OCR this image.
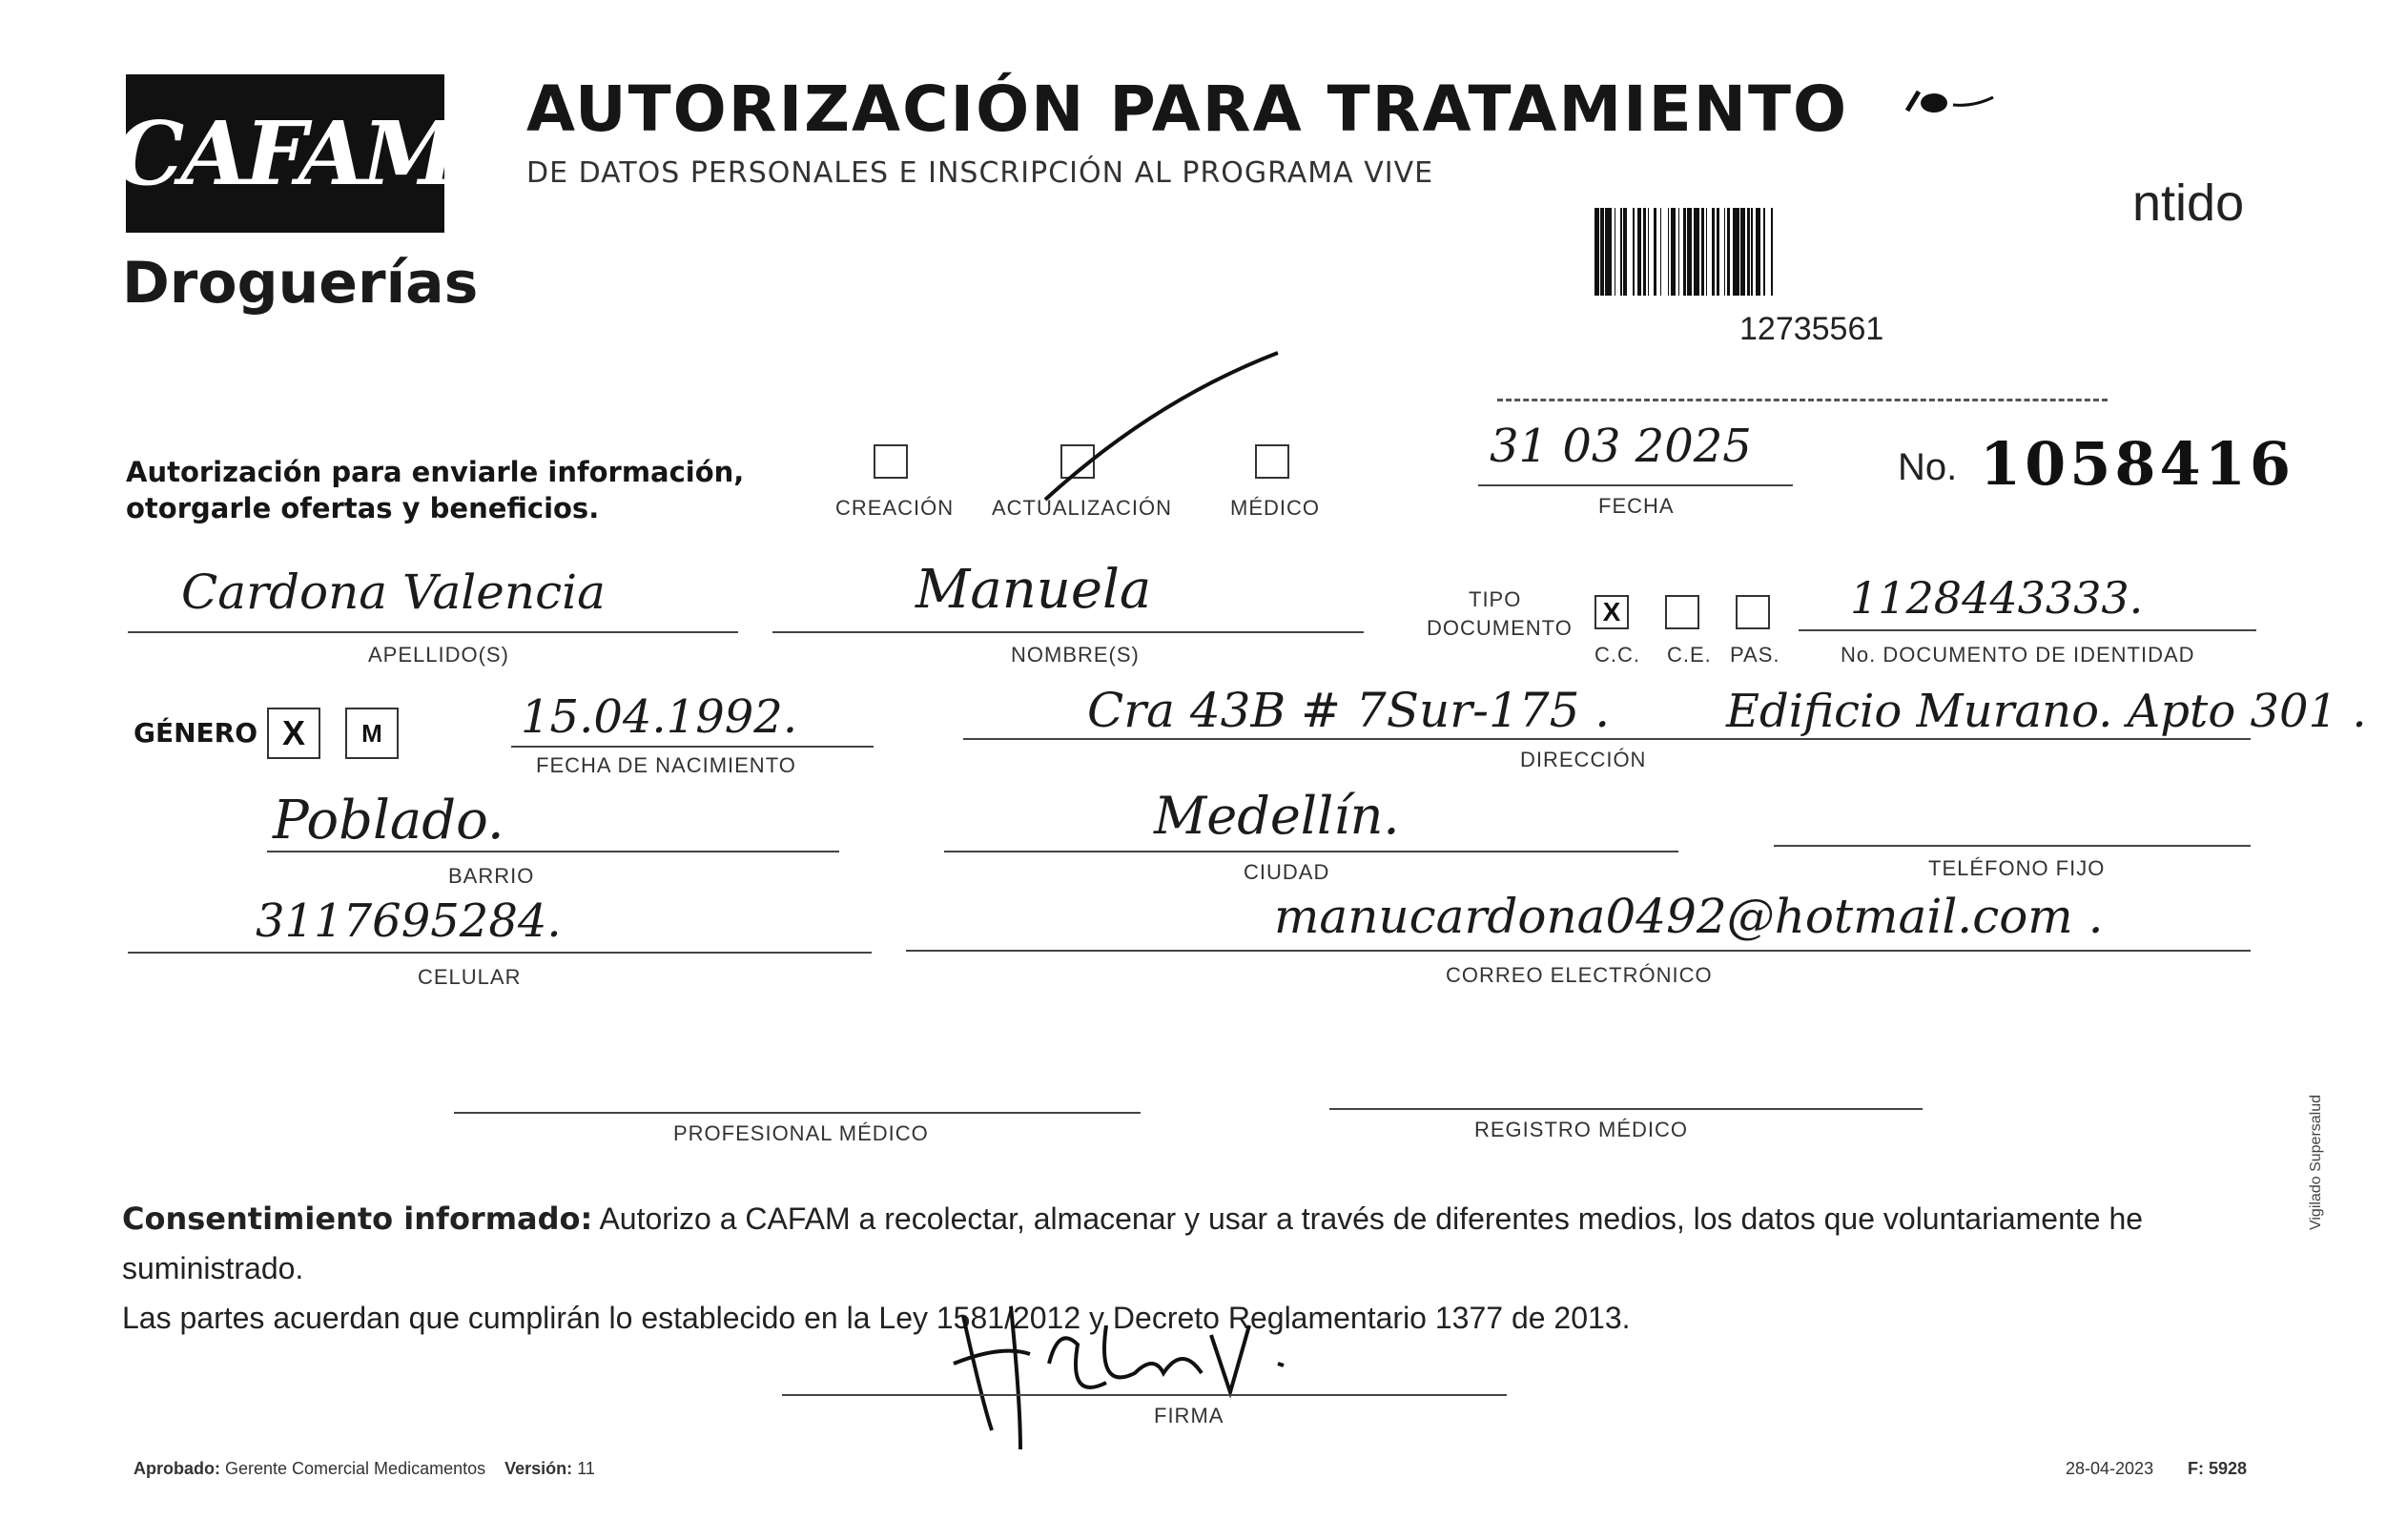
CAFAM
Droguerías
AUTORIZACIÓN PARA TRATAMIENTO
DE DATOS PERSONALES E INSCRIPCIÓN AL PROGRAMA VIVE
ntido
12735561
Autorización para enviarle información,
otorgarle ofertas y beneficios.	CREACIÓN ACTUALIZACIÓN	MÉDICO
31 03 2025
FECHA
No. 1058416
Cardona Valencia
APELLIDO(S)
Manuela
NOMBRE(S)
TIPO
DOCUMENTO
X
C.C. C.E. PAS.
1128443333.
No. DOCUMENTO DE IDENTIDAD
GÉNERO X	M	15.04.1992.
FECHA DE NACIMIENTO
Cra 43B # 7Sur-175 .	Edificio Murano. Apto 301 .
DIRECCIÓN
Poblado.
BARRIO
Medellín.
CIUDAD	TELÉFONO FIJO
3117695284.
CELULAR
manucardona0492@hotmail.com .
CORREO ELECTRÓNICO
PROFESIONAL MÉDICO	REGISTRO MÉDICO
Consentimiento informado: Autorizo a CAFAM a recolectar, almacenar y usar a través de diferentes medios, los datos que voluntariamente he suministrado.
Las partes acuerdan que cumplirán lo establecido en la Ley 1581/2012 y Decreto Reglamentario 1377 de 2013.
FIRMA
Vigilado Supersalud
Aprobado: Gerente Comercial Medicamentos Versión: 11	28-04-2023 F: 5928
